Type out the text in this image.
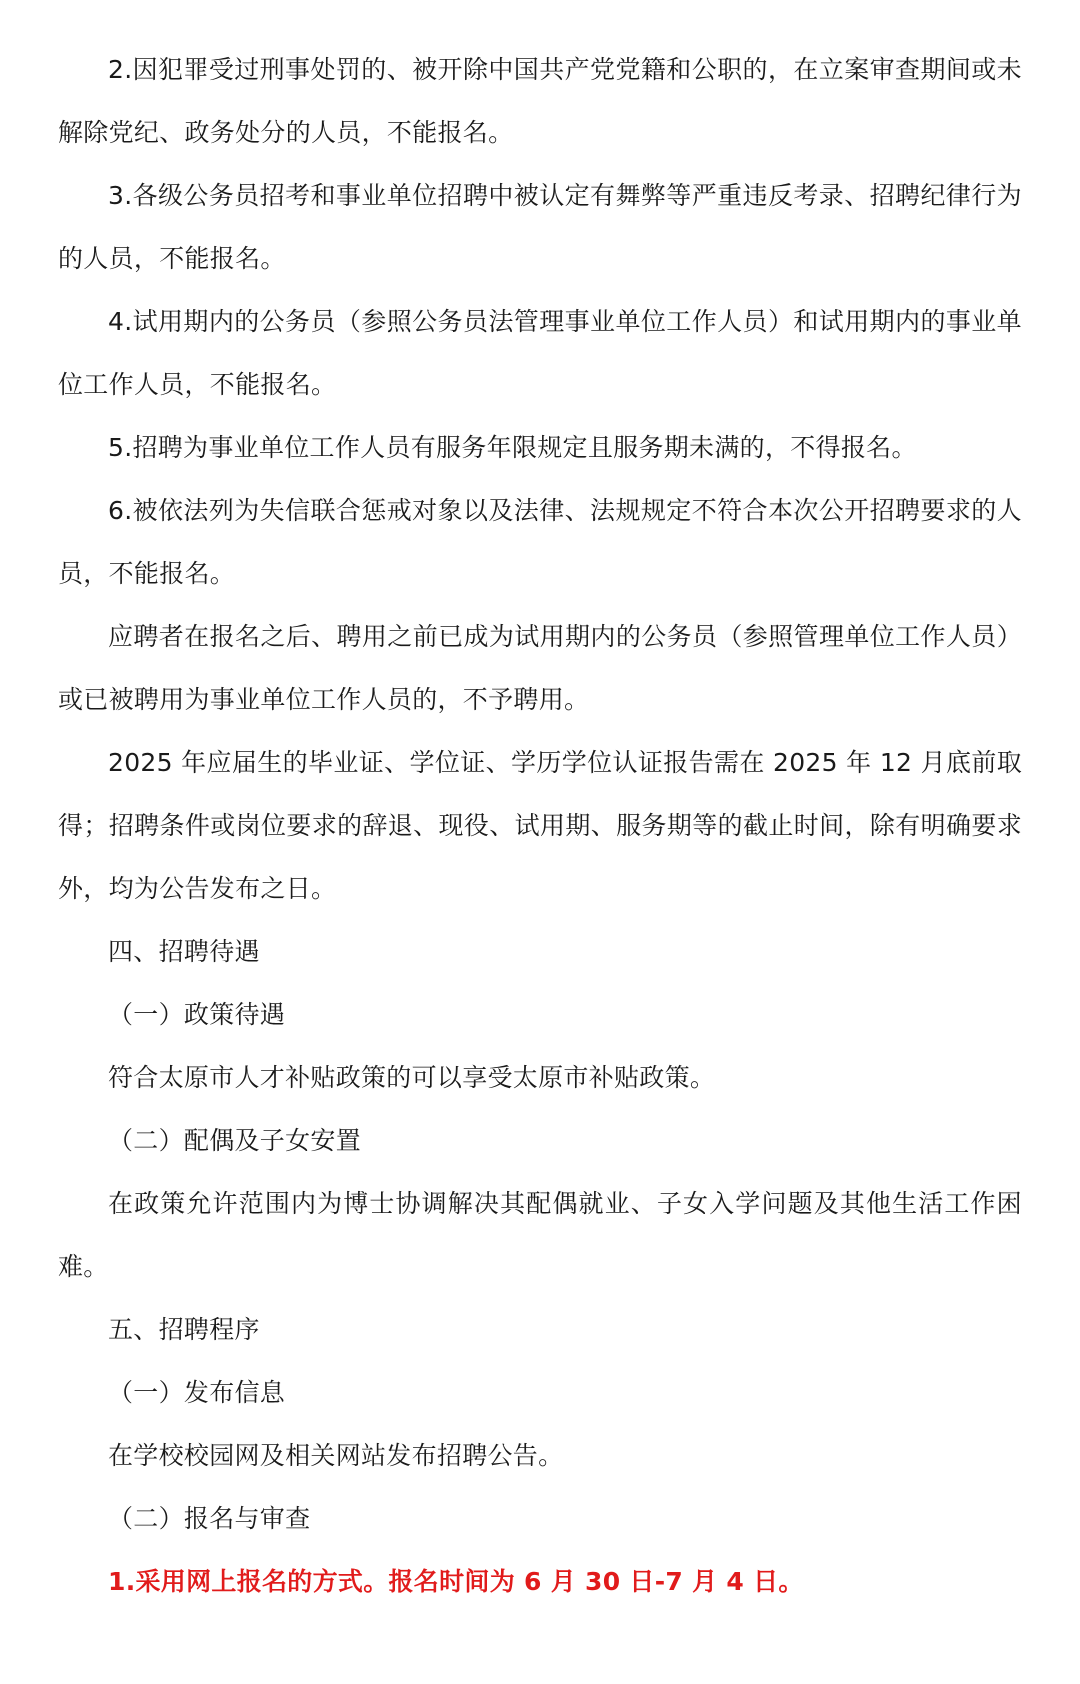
2.因犯罪受过刑事处罚的、被开除中国共产党党籍和公职的，在立案审查期间或未解除党纪、政务处分的人员，不能报名。

3.各级公务员招考和事业单位招聘中被认定有舞弊等严重违反考录、招聘纪律行为的人员，不能报名。

4.试用期内的公务员（参照公务员法管理事业单位工作人员）和试用期内的事业单位工作人员，不能报名。

5.招聘为事业单位工作人员有服务年限规定且服务期未满的，不得报名。

6.被依法列为失信联合惩戒对象以及法律、法规规定不符合本次公开招聘要求的人员，不能报名。

应聘者在报名之后、聘用之前已成为试用期内的公务员（参照管理单位工作人员）或已被聘用为事业单位工作人员的，不予聘用。

2025 年应届生的毕业证、学位证、学历学位认证报告需在 2025 年 12 月底前取得；招聘条件或岗位要求的辞退、现役、试用期、服务期等的截止时间，除有明确要求外，均为公告发布之日。

四、招聘待遇

（一）政策待遇

符合太原市人才补贴政策的可以享受太原市补贴政策。

（二）配偶及子女安置

在政策允许范围内为博士协调解决其配偶就业、子女入学问题及其他生活工作困难。

五、招聘程序

（一）发布信息

在学校校园网及相关网站发布招聘公告。

（二）报名与审查

1.采用网上报名的方式。报名时间为 6 月 30 日-7 月 4 日。
